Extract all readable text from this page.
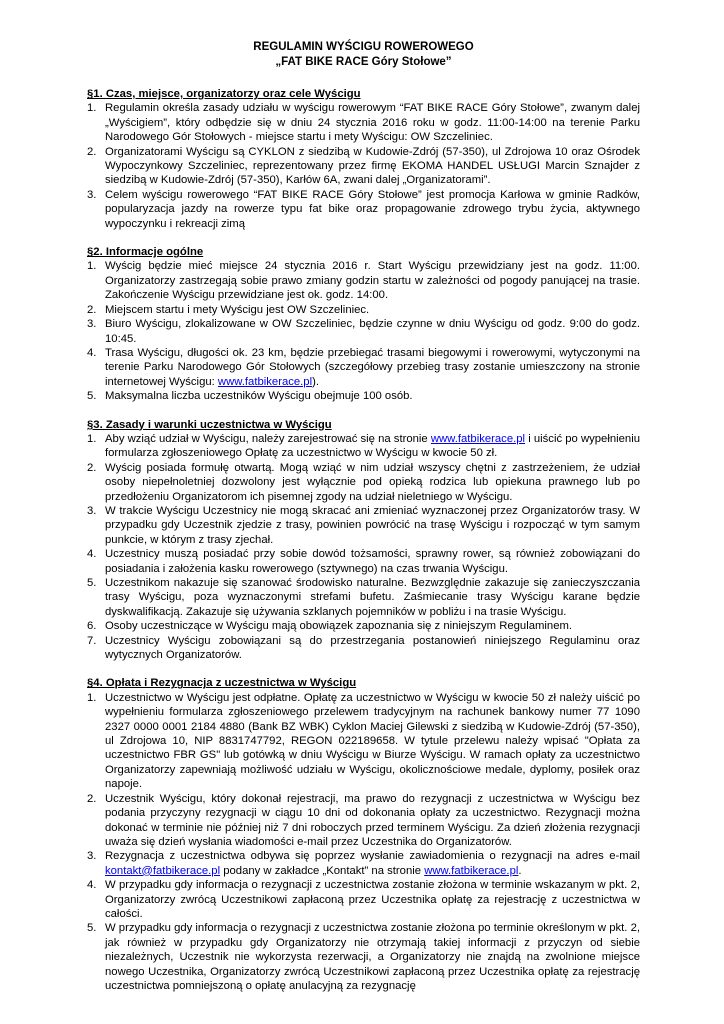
REGULAMIN WYŚCIGU ROWEROWEGO
„FAT BIKE RACE Góry Stołowe”
§1. Czas, miejsce, organizatorzy oraz cele Wyścigu
1. Regulamin określa zasady udziału w wyścigu rowerowym “FAT BIKE RACE Góry Stołowe”, zwanym dalej „Wyścigiem”, który odbędzie się w dniu 24 stycznia 2016 roku w godz. 11:00-14:00 na terenie Parku Narodowego Gór Stołowych - miejsce startu i mety Wyścigu: OW Szczeliniec.
2. Organizatorami Wyścigu są CYKLON z siedzibą w Kudowie-Zdrój (57-350), ul Zdrojowa 10 oraz Ośrodek Wypoczynkowy Szczeliniec, reprezentowany przez firmę EKOMA HANDEL USŁUGI Marcin Sznajder z siedzibą w Kudowie-Zdrój (57-350), Karłów 6A, zwani dalej „Organizatorami”.
3. Celem wyścigu rowerowego “FAT BIKE RACE Góry Stołowe” jest promocja Karłowa w gminie Radków, popularyzacja jazdy na rowerze typu fat bike oraz propagowanie zdrowego trybu życia, aktywnego wypoczynku i rekreacji zimą
§2. Informacje ogólne
1. Wyścig będzie mieć miejsce 24 stycznia 2016 r. Start Wyścigu przewidziany jest na godz. 11:00. Organizatorzy zastrzegają sobie prawo zmiany godzin startu w zależności od pogody panującej na trasie. Zakończenie Wyścigu przewidziane jest ok. godz. 14:00.
2. Miejscem startu i mety Wyścigu jest OW Szczeliniec.
3. Biuro Wyścigu, zlokalizowane w OW Szczeliniec, będzie czynne w dniu Wyścigu od godz. 9:00 do godz. 10:45.
4. Trasa Wyścigu, długości ok. 23 km, będzie przebiegać trasami biegowymi i rowerowymi, wytyczonymi na terenie Parku Narodowego Gór Stołowych (szczegółowy przebieg trasy zostanie umieszczony na stronie internetowej Wyścigu: www.fatbikerace.pl).
5. Maksymalna liczba uczestników Wyścigu obejmuje 100 osób.
§3. Zasady i warunki uczestnictwa w Wyścigu
1. Aby wziąć udział w Wyścigu, należy zarejestrować się na stronie www.fatbikerace.pl i uiścić po wypełnieniu formularza zgłoszeniowego Opłatę za uczestnictwo w Wyścigu w kwocie 50 zł.
2. Wyścig posiada formułę otwartą. Mogą wziąć w nim udział wszyscy chętni z zastrzeżeniem, że udział osoby niepełnoletniej dozwolony jest wyłącznie pod opieką rodzica lub opiekuna prawnego lub po przedłożeniu Organizatorom ich pisemnej zgody na udział nieletniego w Wyścigu.
3. W trakcie Wyścigu Uczestnicy nie mogą skracać ani zmieniać wyznaczonej przez Organizatorów trasy. W przypadku gdy Uczestnik zjedzie z trasy, powinien powrócić na trasę Wyścigu i rozpocząć w tym samym punkcie, w którym z trasy zjechał.
4. Uczestnicy muszą posiadać przy sobie dowód tożsamości, sprawny rower, są również zobowiązani do posiadania i założenia kasku rowerowego (sztywnego) na czas trwania Wyścigu.
5. Uczestnikom nakazuje się szanować środowisko naturalne. Bezwzględnie zakazuje się zanieczyszczania trasy Wyścigu, poza wyznaczonymi strefami bufetu. Zaśmiecanie trasy Wyścigu karane będzie dyskwalifikacją. Zakazuje się używania szklanych pojemników w pobliżu i na trasie Wyścigu.
6. Osoby uczestniczące w Wyścigu mają obowiązek zapoznania się z niniejszym Regulaminem.
7. Uczestnicy Wyścigu zobowiązani są do przestrzegania postanowień niniejszego Regulaminu oraz wytycznych Organizatorów.
§4. Opłata i Rezygnacja z uczestnictwa w Wyścigu
1. Uczestnictwo w Wyścigu jest odpłatne. Opłatę za uczestnictwo w Wyścigu w kwocie 50 zł należy uiścić po wypełnieniu formularza zgłoszeniowego przelewem tradycyjnym na rachunek bankowy numer 77 1090 2327 0000 0001 2184 4880 (Bank BZ WBK) Cyklon Maciej Gilewski z siedzibą w Kudowie-Zdrój (57-350), ul Zdrojowa 10, NIP 8831747792, REGON 022189658. W tytule przelewu należy wpisać "Opłata za uczestnictwo FBR GS" lub gotówką w dniu Wyścigu w Biurze Wyścigu. W ramach opłaty za uczestnictwo Organizatorzy zapewniają możliwość udziału w Wyścigu, okolicznościowe medale, dyplomy, posiłek oraz napoje.
2. Uczestnik Wyścigu, który dokonał rejestracji, ma prawo do rezygnacji z uczestnictwa w Wyścigu bez podania przyczyny rezygnacji w ciągu 10 dni od dokonania opłaty za uczestnictwo. Rezygnacji można dokonać w terminie nie później niż 7 dni roboczych przed terminem Wyścigu. Za dzień złożenia rezygnacji uważa się dzień wysłania wiadomości e-mail przez Uczestnika do Organizatorów.
3. Rezygnacja z uczestnictwa odbywa się poprzez wysłanie zawiadomienia o rezygnacji na adres e-mail kontakt@fatbikerace.pl podany w zakładce „Kontakt” na stronie www.fatbikerace.pl.
4. W przypadku gdy informacja o rezygnacji z uczestnictwa zostanie złożona w terminie wskazanym w pkt. 2, Organizatorzy zwrócą Uczestnikowi zapłaconą przez Uczestnika opłatę za rejestrację z uczestnictwa w całości.
5. W przypadku gdy informacja o rezygnacji z uczestnictwa zostanie złożona po terminie określonym w pkt. 2, jak również w przypadku gdy Organizatorzy nie otrzymają takiej informacji z przyczyn od siebie niezależnych, Uczestnik nie wykorzysta rezerwacji, a Organizatorzy nie znajdą na zwolnione miejsce nowego Uczestnika, Organizatorzy zwrócą Uczestnikowi zapłaconą przez Uczestnika opłatę za rejestrację uczestnictwa pomniejszoną o opłatę anulacyjną za rezygnację
